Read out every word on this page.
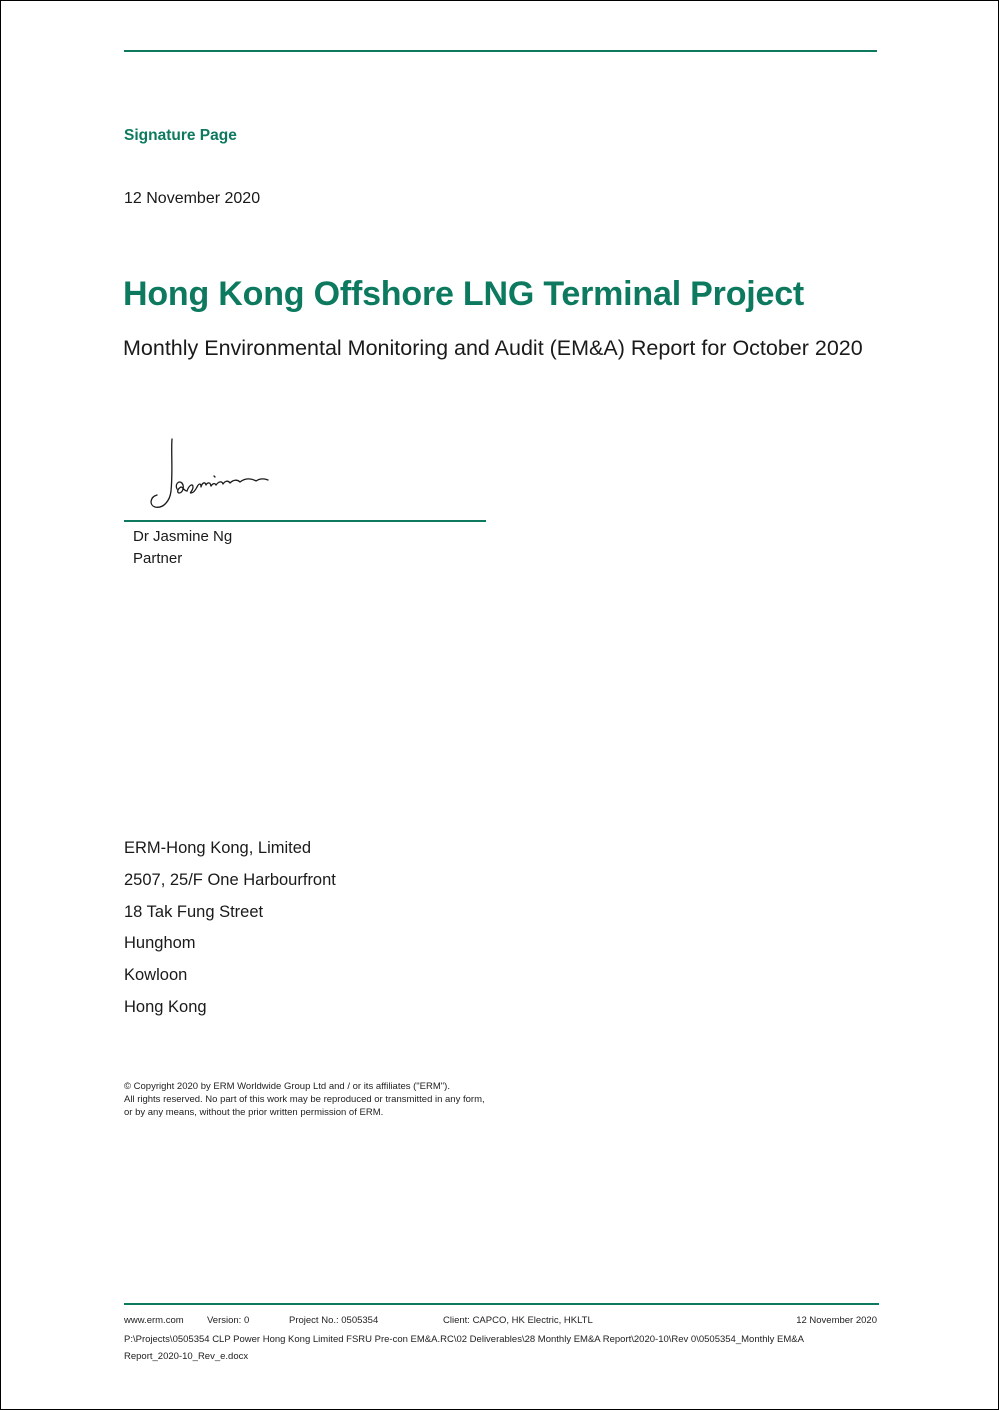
Signature Page
12 November 2020
Hong Kong Offshore LNG Terminal Project
Monthly Environmental Monitoring and Audit (EM&A) Report for October 2020
Dr Jasmine Ng
Partner
ERM-Hong Kong, Limited
2507, 25/F One Harbourfront
18 Tak Fung Street
Hunghom
Kowloon
Hong Kong
© Copyright 2020 by ERM Worldwide Group Ltd and / or its affiliates ("ERM").
All rights reserved. No part of this work may be reproduced or transmitted in any form,
or by any means, without the prior written permission of ERM.
www.erm.com Version: 0	Project No.: 0505354	Client: CAPCO, HK Electric, HKLTL	12 November 2020
P:\Projects\0505354 CLP Power Hong Kong Limited FSRU Pre-con EM&A.RC\02 Deliverables\28 Monthly EM&A Report\2020-10\Rev 0\0505354_Monthly EM&A Report_2020-10_Rev_e.docx
